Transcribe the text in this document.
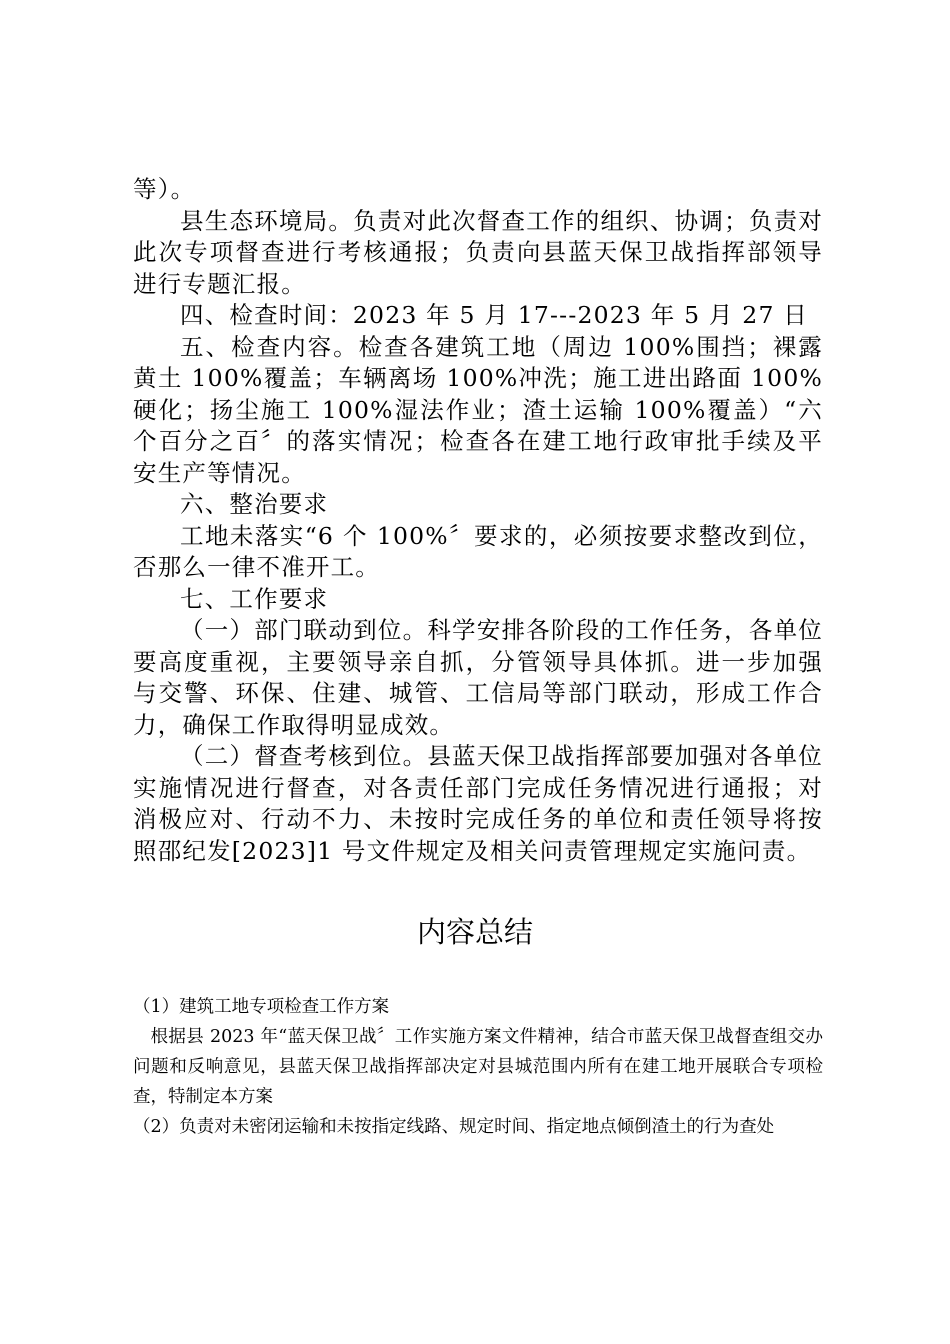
等）。

县生态环境局。负责对此次督查工作的组织、协调；负责对此次专项督查进行考核通报；负责向县蓝天保卫战指挥部领导进行专题汇报。

四、检查时间：2023 年 5 月 17---2023 年 5 月 27 日

五、检查内容。检查各建筑工地（周边 100%围挡；裸露黄土 100%覆盖；车辆离场 100%冲洗；施工进出路面 100%硬化；扬尘施工 100%湿法作业；渣土运输 100%覆盖）“六个百分之百〞的落实情况；检查各在建工地行政审批手续及平安生产等情况。

六、整治要求

工地未落实“6 个 100%〞要求的，必须按要求整改到位，否那么一律不准开工。

七、工作要求

（一）部门联动到位。科学安排各阶段的工作任务，各单位要高度重视，主要领导亲自抓，分管领导具体抓。进一步加强与交警、环保、住建、城管、工信局等部门联动，形成工作合力，确保工作取得明显成效。

（二）督查考核到位。县蓝天保卫战指挥部要加强对各单位实施情况进行督查，对各责任部门完成任务情况进行通报；对消极应对、行动不力、未按时完成任务的单位和责任领导将按照邵纪发[2023]1 号文件规定及相关问责管理规定实施问责。

内容总结

（1）建筑工地专项检查工作方案

根据县 2023 年“蓝天保卫战〞工作实施方案文件精神，结合市蓝天保卫战督查组交办问题和反响意见，县蓝天保卫战指挥部决定对县城范围内所有在建工地开展联合专项检查，特制定本方案

（2）负责对未密闭运输和未按指定线路、规定时间、指定地点倾倒渣土的行为查处
